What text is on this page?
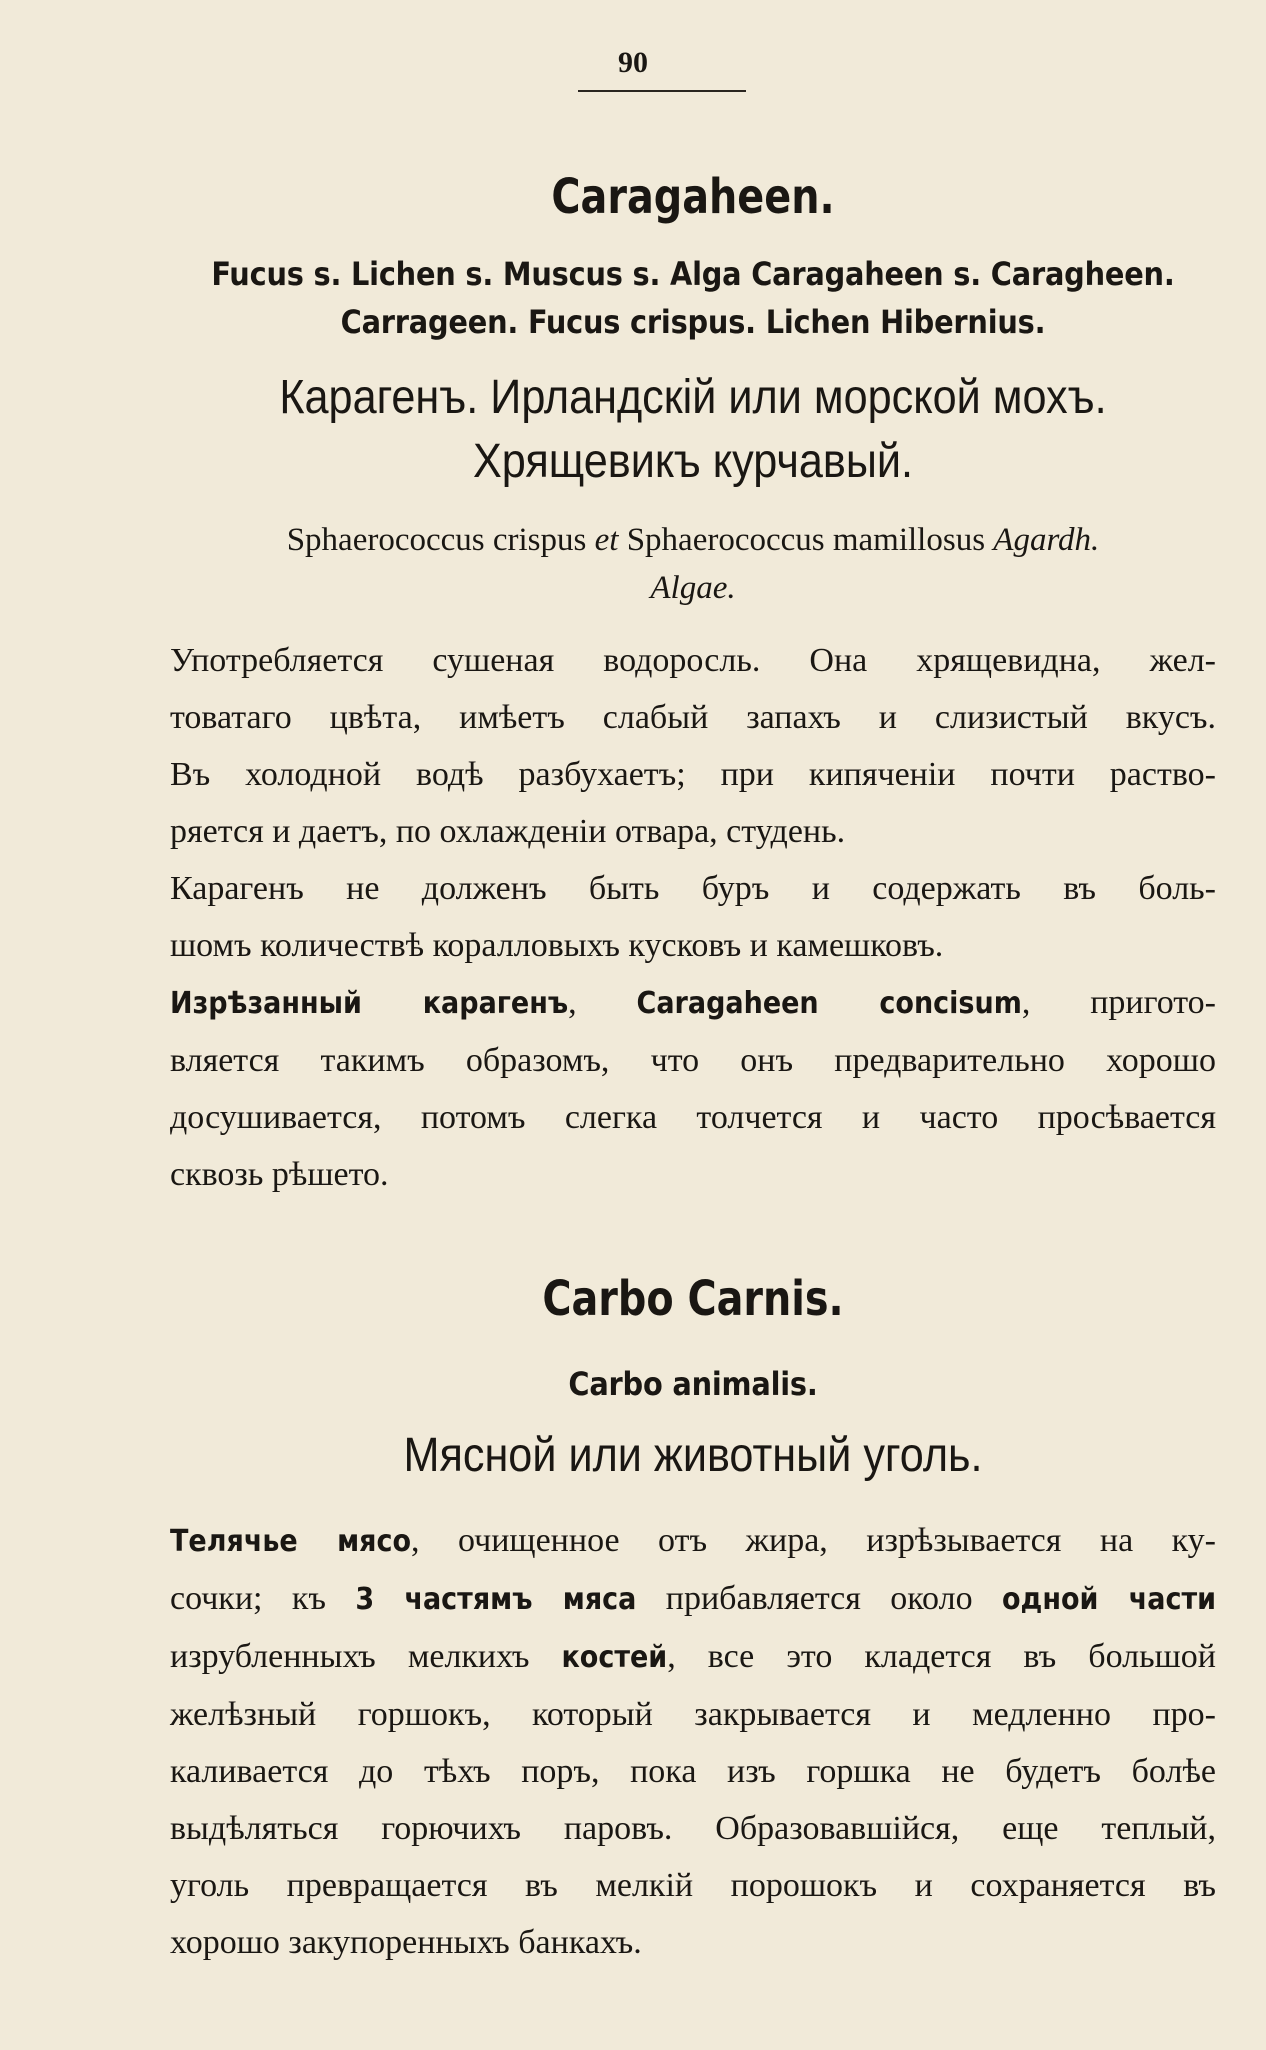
90
Caragaheen.
Fucus s. Lichen s. Muscus s. Alga Caragaheen s. Caragheen.
Carrageen. Fucus crispus. Lichen Hibernius.
Карагенъ. Ирландскiй или морской мохъ.
Хрящевикъ курчавый.
Sphaerococcus crispus et Sphaerococcus mamillosus Agardh.
Algae.
Употребляется сушеная водоросль. Она хрящевидна, жел-
товатаго цвѣта, имѣетъ слабый запахъ и слизистый вкусъ.
Въ холодной водѣ разбухаетъ; при кипяченiи почти раство-
ряется и даетъ, по охлажденiи отвара, студень.
Карагенъ не долженъ быть буръ и содержать въ боль-
шомъ количествѣ коралловыхъ кусковъ и камешковъ.
Изрѣзанный карагенъ, Caragaheen concisum, пригото-
вляется такимъ образомъ, что онъ предварительно хорошо
досушивается, потомъ слегка толчется и часто просѣвается
сквозь рѣшето.
Carbo Carnis.
Carbo animalis.
Мясной или животный уголь.
Телячье мясо, очищенное отъ жира, изрѣзывается на ку-
сочки; къ 3 частямъ мяса прибавляется около одной части
изрубленныхъ мелкихъ костей, все это кладется въ большой
желѣзный горшокъ, который закрывается и медленно про-
каливается до тѣхъ поръ, пока изъ горшка не будетъ болѣе
выдѣляться горючихъ паровъ. Образовавшiйся, еще теплый,
уголь превращается въ мелкiй порошокъ и сохраняется въ
хорошо закупоренныхъ банкахъ.
